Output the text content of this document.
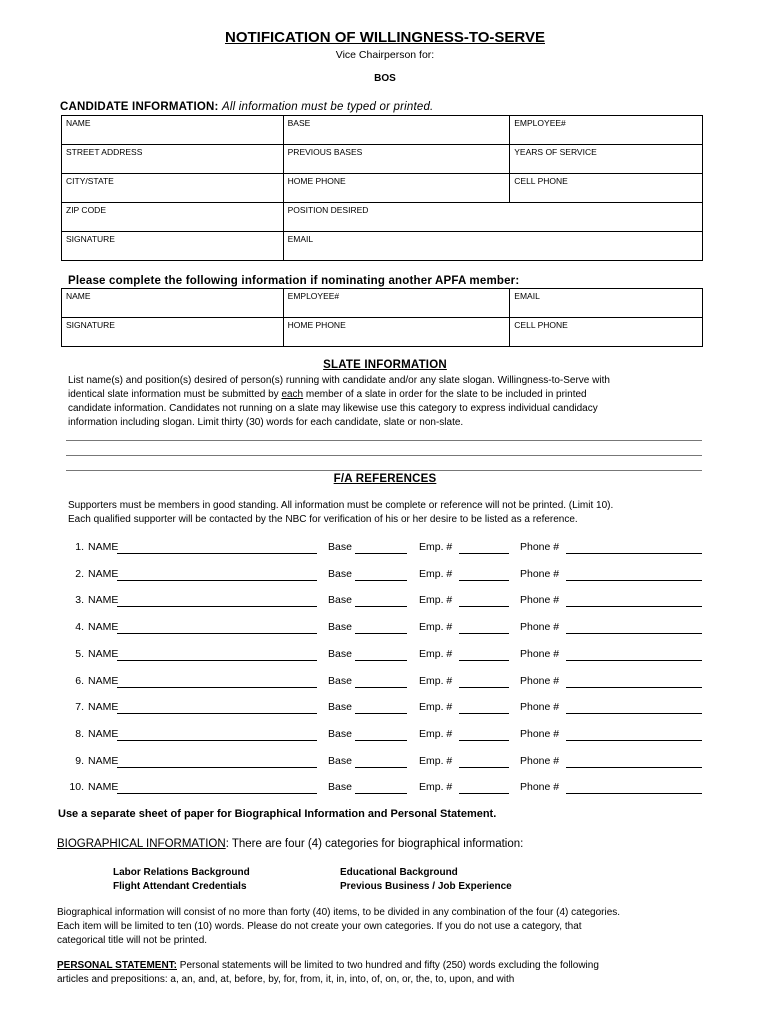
NOTIFICATION OF WILLINGNESS-TO-SERVE
Vice Chairperson for:
BOS
CANDIDATE INFORMATION: All information must be typed or printed.
NAME	BASE	EMPLOYEE#
STREET ADDRESS	PREVIOUS BASES	YEARS OF SERVICE
CITY/STATE	HOME PHONE	CELL PHONE
ZIP CODE	POSITION DESIRED	
SIGNATURE	EMAIL	
Please complete the following information if nominating another APFA member:
NAME	EMPLOYEE#	EMAIL
SIGNATURE	HOME PHONE	CELL PHONE
SLATE INFORMATION
List name(s) and position(s) desired of person(s) running with candidate and/or any slate slogan. Willingness-to-Serve with
identical slate information must be submitted by each member of a slate in order for the slate to be included in printed
candidate information. Candidates not running on a slate may likewise use this category to express individual candidacy
information including slogan. Limit thirty (30) words for each candidate, slate or non-slate.
F/A REFERENCES
Supporters must be members in good standing. All information must be complete or reference will not be printed. (Limit 10).
Each qualified supporter will be contacted by the NBC for verification of his or her desire to be listed as a reference.
1. NAME	Base	Emp. #	Phone #
2. NAME	Base	Emp. #	Phone #
3. NAME	Base	Emp. #	Phone #
4. NAME	Base	Emp. #	Phone #
5. NAME	Base	Emp. #	Phone #
6. NAME	Base	Emp. #	Phone #
7. NAME	Base	Emp. #	Phone #
8. NAME	Base	Emp. #	Phone #
9. NAME	Base	Emp. #	Phone #
10. NAME	Base	Emp. #	Phone #
Use a separate sheet of paper for Biographical Information and Personal Statement.
BIOGRAPHICAL INFORMATION: There are four (4) categories for biographical information:
Labor Relations Background
Flight Attendant Credentials
Educational Background
Previous Business / Job Experience
Biographical information will consist of no more than forty (40) items, to be divided in any combination of the four (4) categories.
Each item will be limited to ten (10) words. Please do not create your own categories. If you do not use a category, that
categorical title will not be printed.
PERSONAL STATEMENT: Personal statements will be limited to two hundred and fifty (250) words excluding the following
articles and prepositions: a, an, and, at, before, by, for, from, it, in, into, of, on, or, the, to, upon, and with
